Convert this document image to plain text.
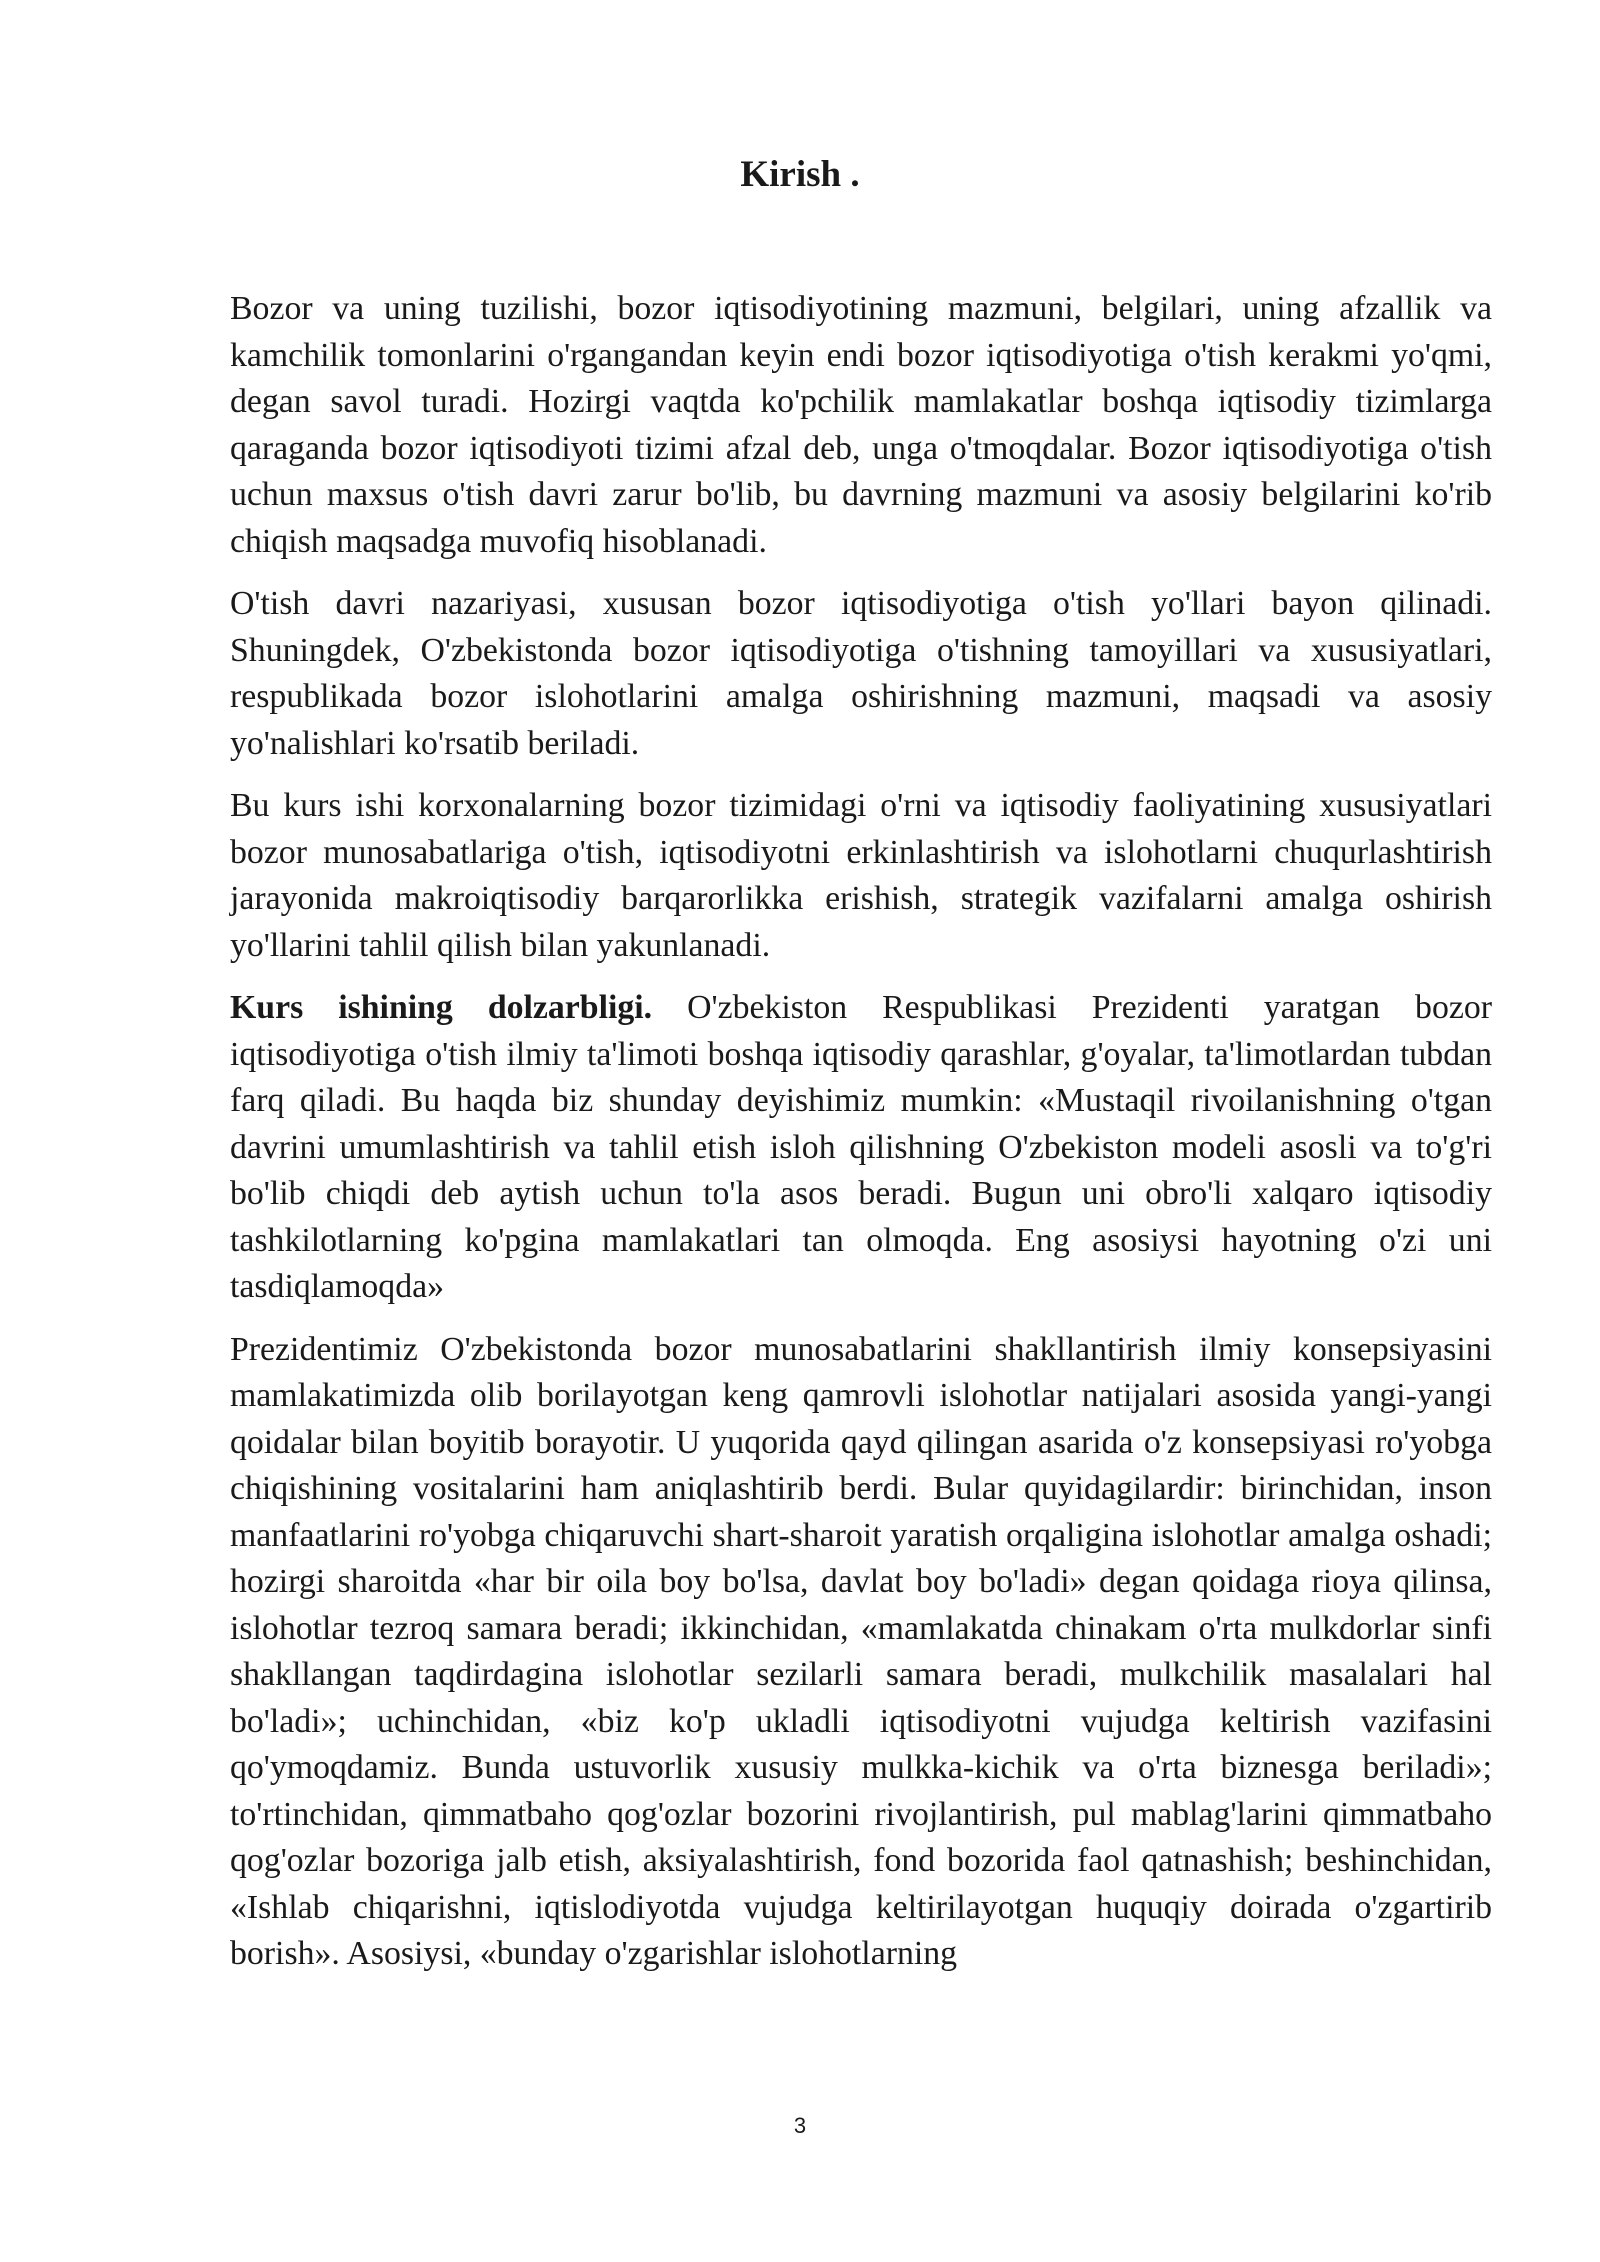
Kirish .

Bozor va uning tuzilishi, bozor iqtisodiyotining mazmuni, belgilari, uning afzallik va kamchilik tomonlarini o'rgangandan keyin endi bozor iqtisodiyotiga o'tish kerakmi yo'qmi, degan savol turadi. Hozirgi vaqtda ko'pchilik mamlakatlar boshqa iqtisodiy tizimlarga qaraganda bozor iqtisodiyoti tizimi afzal deb, unga o'tmoqdalar. Bozor iqtisodiyotiga o'tish uchun maxsus o'tish davri zarur bo'lib, bu davrning mazmuni va asosiy belgilarini ko'rib chiqish maqsadga muvofiq hisoblanadi.

O'tish davri nazariyasi, xususan bozor iqtisodiyotiga o'tish yo'llari bayon qilinadi. Shuningdek, O'zbekistonda bozor iqtisodiyotiga o'tishning tamoyillari va xususiyatlari, respublikada bozor islohotlarini amalga oshirishning mazmuni, maqsadi va asosiy yo'nalishlari ko'rsatib beriladi.

Bu kurs ishi korxonalarning bozor tizimidagi o'rni va iqtisodiy faoliyatining xususiyatlari bozor munosabatlariga o'tish, iqtisodiyotni erkinlashtirish va islohotlarni chuqurlashtirish jarayonida makroiqtisodiy barqarorlikka erishish, strategik vazifalarni amalga oshirish yo'llarini tahlil qilish bilan yakunlanadi.

Kurs ishining dolzarbligi. O'zbekiston Respublikasi Prezidenti yaratgan bozor iqtisodiyotiga o'tish ilmiy ta'limoti boshqa iqtisodiy qarashlar, g'oyalar, ta'limotlardan tubdan farq qiladi. Bu haqda biz shunday deyishimiz mumkin: «Mustaqil rivoilanishning o'tgan davrini umumlashtirish va tahlil etish isloh qilishning O'zbekiston modeli asosli va to'g'ri bo'lib chiqdi deb aytish uchun to'la asos beradi. Bugun uni obro'li xalqaro iqtisodiy tashkilotlarning ko'pgina mamlakatlari tan olmoqda. Eng asosiysi hayotning o'zi uni tasdiqlamoqda»

Prezidentimiz O'zbekistonda bozor munosabatlarini shakllantirish ilmiy konsepsiyasini mamlakatimizda olib borilayotgan keng qamrovli islohotlar natijalari asosida yangi-yangi qoidalar bilan boyitib borayotir. U yuqorida qayd qilingan asarida o'z konsepsiyasi ro'yobga chiqishining vositalarini ham aniqlashtirib berdi. Bular quyidagilardir: birinchidan, inson manfaatlarini ro'yobga chiqaruvchi shart-sharoit yaratish orqaligina islohotlar amalga oshadi; hozirgi sharoitda «har bir oila boy bo'lsa, davlat boy bo'ladi» degan qoidaga rioya qilinsa, islohotlar tezroq samara beradi; ikkinchidan, «mamlakatda chinakam o'rta mulkdorlar sinfi shakllangan taqdirdagina islohotlar sezilarli samara beradi, mulkchilik masalalari hal bo'ladi»; uchinchidan, «biz ko'p ukladli iqtisodiyotni vujudga keltirish vazifasini qo'ymoqdamiz. Bunda ustuvorlik xususiy mulkka-kichik va o'rta biznesga beriladi»; to'rtinchidan, qimmatbaho qog'ozlar bozorini rivojlantirish, pul mablag'larini qimmatbaho qog'ozlar bozoriga jalb etish, aksiyalashtirish, fond bozorida faol qatnashish; beshinchidan, «Ishlab chiqarishni, iqtislodiyotda vujudga keltirilayotgan huquqiy doirada o'zgartirib borish». Asosiysi, «bunday o'zgarishlar islohotlarning

3
